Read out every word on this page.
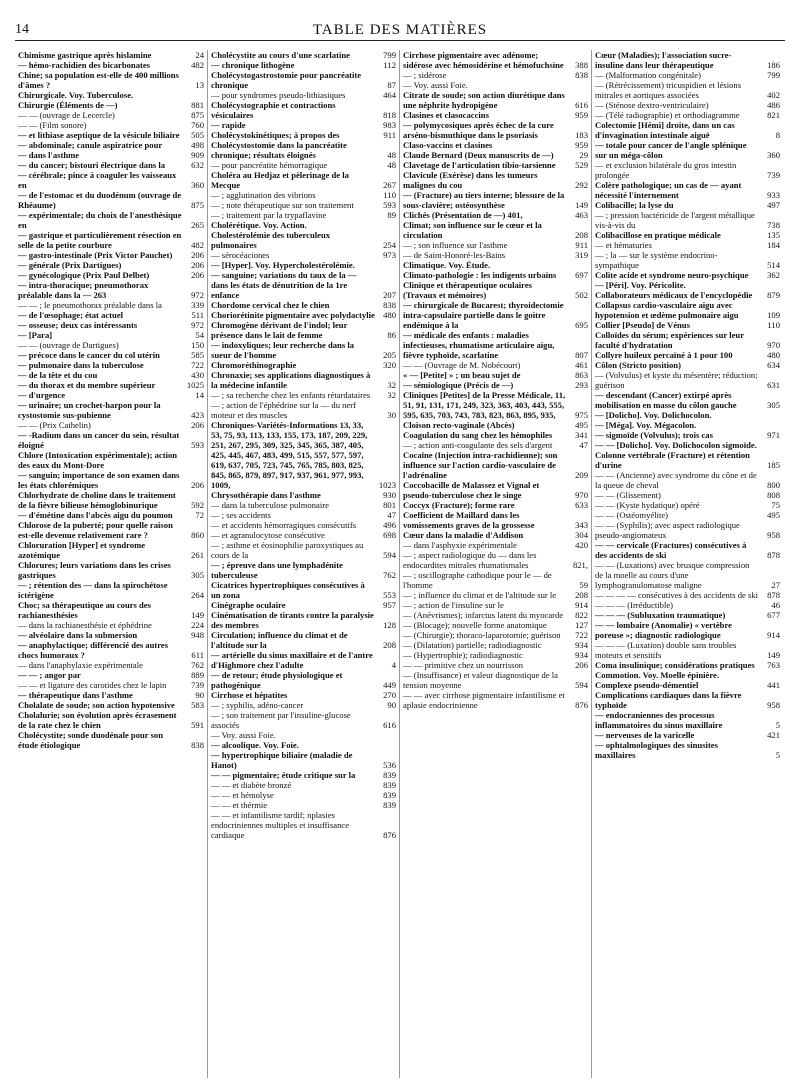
14	TABLE DES MATIÈRES
Chimisme gastrique après hislamine	24
— hémo-rachidien des bicarbonates	482
Chine; sa population est-elle de 400 millions d'âmes ?	13
Chirurgicale. Voy. Tuberculose.
Chirurgie (Éléments de —)	881
— — (ouvrage de Lecercle)	875
— — (Film sonore)	760
— et lithiase aseptique de la vésicule biliaire	505
— abdominale; canule aspiratrice pour	498
— dans l'asthme	909
— du cancer; bistouri électrique dans la	632
— cérébrale; pince à coaguler les vaisseaux en	360
— de l'estomac et du duodénum (ouvrage de Rhéaume)	875
— expérimentale; du choix de l'anesthésique en	265
— gastrique et particulièrement résection en selle de la petite courbure	482
— gastro-intestinale (Prix Victor Pauchet)	206
— générale (Prix Dartigues)	206
— gynécologique (Prix Paul Delbet)	206
— intra-thoracique; pneumothorax préalable dans la — 263	972
— — ; le pneumothorax préalable dans la	339
— de l'œsophage; état actuel	511
— osseuse; deux cas intéressants	972
— [Para]	54
— — (ouvrage de Dartigues)	150
— précoce dans le cancer du col utérin	585
— pulmonaire dans la tuberculose	722
— de la tête et du cou	430
— du thorax et du membre supérieur	1025
— d'urgence	14
— urinaire; un crochet-harpon pour la cystostomie sus-pubienne	423
— — (Prix Cathelin)	206
— -Radium dans un cancer du sein, résultat éloigné	593
Chlore (Intoxication expérimentale); action des eaux du Mont-Dore
— sanguin; importance de son examen dans les états chlorémiques	206
Chlorhydrate de choline dans le traitement de la fièvre bilieuse hémoglobinurique	592
— d'émétine dans l'abcès aigu du poumon	72
Chlorose de la puberté; pour quelle raison est-elle devenue relativement rare ?	860
Chloruration [Hyper] et syndrome azotémique	261
Chlorures; leurs variations dans les crises gastriques	305
— ; rétention des — dans la spirochétose ictérigène	264
Choc; sa thérapeutique au cours des rachianesthésies	149
— dans la rachianesthésie et éphédrine	224
— alvéolaire dans la submersion	948
— anaphylactique; différencié des autres chocs humoraux ?	611
— dans l'anaphylaxie expérimentale	762
— — ; angor par	889
— — et ligature des carotides chez le lapin	739
— thérapeutique dans l'asthme	90
Cholalate de soude; son action hypotensive	583
Cholalurie; son évolution après écrasement de la rate chez le chien	591
Cholécystite; sonde duodénale pour son étude étiologique	838
Cholécystite au cours d'une scarlatine	799
— chronique lithogène	112
Cholécystogastrostomie pour pancréatite chronique	87
— pour syndromes pseudo-lithiasiques	464
Cholécystographie et contractions vésiculaires	818
— rapide	983
Cholécystokinétiques; à propos des	911
Cholécystostomie dans la pancréatite chronique; résultats éloignés	48
— pour pancréatite hémorragique	48
Choléra au Hedjaz et pèlerinage de la Mecque	267
— ; agglutination des vibrions	110
— ; note thérapeutique sur son traitement	593
— ; traitement par la trypaflavine	89
Cholérétique. Voy. Action.
Cholestérolémie des tuberculeux pulmonaires	254
— sérocéaciones	973
— [Hyper]. Voy. Hypercholestérolémie.
— sanguine; variations du taux de la — dans les états de dénutrition de la 1re enfance	207
Chordome cervical chez le chien	838
Choriorétinite pigmentaire avec polydactylie 480
Chromogène dérivant de l'indol; leur présence dans le lait de femme	86
— indoxyliques; leur recherche dans la sueur de l'homme	205
Chromoréthinographie	320
Chronaxie; ses applications diagnostiques à la médecine infantile	32
— ; sa recherche chez les enfants rétardataires	32
— ; action de l'éphédrine sur la — du nerf moteur et des muscles	30
Chroniques-Variétés-Informations 13, 33, 53, 75, 93, 113, 133, 155, 173, 187, 209, 229, 251, 267, 295, 309, 325, 345, 365, 387, 405, 425, 445, 467, 483, 499, 515, 557, 577, 597, 619, 637, 705, 723, 745, 765, 785, 803, 825, 845, 865, 879, 897, 917, 937, 961, 977, 993, 1009,	1023
Chrysothérapie dans l'asthme	930
— dans la tuberculose pulmonaire	801
— ; ses accidents	47
— et accidents hémorragiques consécutifs	496
— et agranulocytose consécutive	698
— ; asthme et éosinophilie paroxystiques au cours de la	594
— ; épreuve dans une lymphadénite tuberculeuse	762
Cicatrices hypertrophiques consécutives à un zona	553
Cinégraphe oculaire	957
Cinématisation de tirants contre la paralysie des membres	128
Circulation; influence du climat et de l'altitude sur la	208
— artérielle du sinus maxillaire et de l'antre d'Highmore chez l'adulte	4
— de retour; étude physiologique et pathogénique	449
Cirrhose et hépatites	270
— ; syphilis, adéno-cancer	90
— ; son traitement par l'insuline-glucose associés	616
— Voy. aussi Foie.
— alcoolique. Voy. Foie.
— hypertrophique biliaire (maladie de Hanot)	536
— — pigmentaire; étude critique sur la	839
— — et diabète bronzé	839
— — et hémolyse	839
— — et thérmie	839
— — et infantilisme tardif; nplasies endocriniennes multiples et insuffisance cardiaque	876
Cirrhose pigmentaire avec adénome; sidérose avec hémosidérine et hémofuchsine	388
— ; sidérose	838
— Voy. aussi Foie.
Citrate de soude; son action diurétique dans une néphrite hydropigène	616
Clasines et clasocaccins	959
— polymycosiques après échec de la cure arséno-bismuthique dans le psoriasis	183
Claso-vaccins et clasines	959
Claude Bernard (Deux manuscrits de —)	29
Clavetage de l'articulation tibio-tarsienne	529
Clavicule (Exérèse) dans les tumeurs malignes du cou	292
— (Fracture) au tiers interne; blessure de la sous-clavière; ostéosynthèse	149
Clichés (Présentation de —) 401,	463
Climat; son influence sur le cœur et la circulation	208
— ; son influence sur l'asthme	911
— de Saint-Honoré-les-Bains	319
Climatique. Voy. Étude.
Climato-pathologie : les indigents urbains	697
Clinique et thérapeutique oculaires (Travaux et mémoires)	502
— chirurgicale de Bucarest; thyroidectomie intra-capsulaire partielle dans le goitre endémique à la	695
— médicale des enfants : maladies infectieuses, rhumatisme articulaire aigu, fièvre typhoïde, scarlatine	807
— — (Ouvrage de M. Nobécourt)	461
« — [Petite] » ; un beau sujet de	863
— sémiologique (Précis de —)	293
Cliniques [Petites] de la Presse Médicale, 11, 51, 91, 131, 171, 249, 323, 363, 403, 443, 555, 595, 635, 703, 743, 783, 823, 863, 895, 935,	975
Cloison recto-vaginale (Abcès)	495
Coagulation du sang chez les hémophiles	341
— ; action anti-coagulante des sels d'argent	47
Cocaïne (Injection intra-rachidienne); son influence sur l'action cardio-vasculaire de l'adrénaline	209
Coccobacille de Malassez et Vignal et pseudo-tuberculose chez le singe	970
Coccyx (Fracture); forme rare	633
Coefficient de Maillard dans les vomissements graves de la grossesse	343
Cœur dans la maladie d'Addison	304
— dans l'asphyxie expérimentale	420
— ; aspect radiologique du — dans les endocardites mitrales rhumatismales	821,
— ; oscillographe cathodique pour le — de l'homme	59
— ; influence du climat et de l'altitude sur le	208
— ; action de l'insuline sur le	914
— (Anévrismes); infarctus latent du myocarde	822
— (Blocage); nouvelle forme anatomique	127
— (Chirurgie); thoraco-laparotomie; guérison	722
— (Dilatation) partielle; radiodiagnostic	934
— (Hypertrophie); radiodiagnostic	934
— — primitive chez un nourrisson	206
— (Insuffisance) et valeur diagnostique de la tension moyenne	594
— — avec cirrhose pigmentaire infantilisme et aplasie endocrinienne	876
Cœur (Maladies); l'association sucre-insuline dans leur thérapeutique	186
— (Malformation congénitale)	799
— (Rétrécissement) tricuspidien et lésions mitrales et aortiques associées	402
— (Sténose dextro-ventriculaire)	486
— (Télé radiographie) et orthodiagramme	821
Colectomie [Hémi] droite, dans un cas d'invagination intestinale aiguë	8
— totale pour cancer de l'angle splénique sur un méga-côlon	360
— et exclusion bilatérale du gros intestin prolongée	739
Colère pathologique; un cas de — ayant nécessité l'internement	933
Colibacille; la lyse du	497
— ; pression bactéricide de l'argent métallique vis-à-vis du	738
Colibacillose en pratique médicale	135
— et hématuries	184
— ; la — sur le système endocrino-sympathique	514
Colite acide et syndrome neuro-psychique	362
— [Péri]. Voy. Péricolite.
Collaborateurs médicaux de l'encyclopédie	879
Collapsus cardio-vasculaire aigu avec hypotension et œdème pulmonaire aigu	109
Collier [Pseudo] de Vénus	110
Colloïdes du sérum; expériences sur leur faculté d'hydratation	970
Collyre huileux percaïné à 1 pour 100	480
Côlon (Stricto position)	634
— (Volvulus) et kyste du mésentère; réduction; guérison	631
— descendant (Cancer) extirpé après mobilisation en masse du côlon gauche	305
— [Dolicho]. Voy. Dolichocolon.
— [Méga]. Voy. Mégacolon.
— sigmoïde (Volvulus); trois cas	971
— — [Dolicho]. Voy. Dolichocolon sigmoïde.
Colonne vertébrale (Fracture) et rétention d'urine	185
— — (Ancienne) avec syndrome du cône et de la queue de cheval	800
— — (Glissement)	808
— — (Kyste hydatique) opéré	75
— — (Ostéomyélite)	495
— — (Syphilis); avec aspect radiologique pseudo-angiomateux	958
— — cervicale (Fractures) consécutives à des accidents de ski	878
— — (Luxations) avec brusque compression de la moelle au cours d'une lymphogranulomatose maligne	27
— — — — consécutives à des accidents de ski	878
— — — (Irréductible)	46
— — — (Subluxation traumatique)	677
— — lombaire (Anomalie) « vertèbre poreuse »; diagnostic radiologique	914
— — — (Luxation) double sans troubles moteurs et sensitifs	149
Coma insulinique; considérations pratiques	763
Commotion. Voy. Moelle épinière.
Complexe pseudo-démentiel	441
Complications cardiaques dans la fièvre typhoïde	958
— endocraniennes des processus inflammatoires du sinus maxillaire	5
— nerveuses de la varicelle	421
— ophtalmologiques des sinusites maxillaires	5
